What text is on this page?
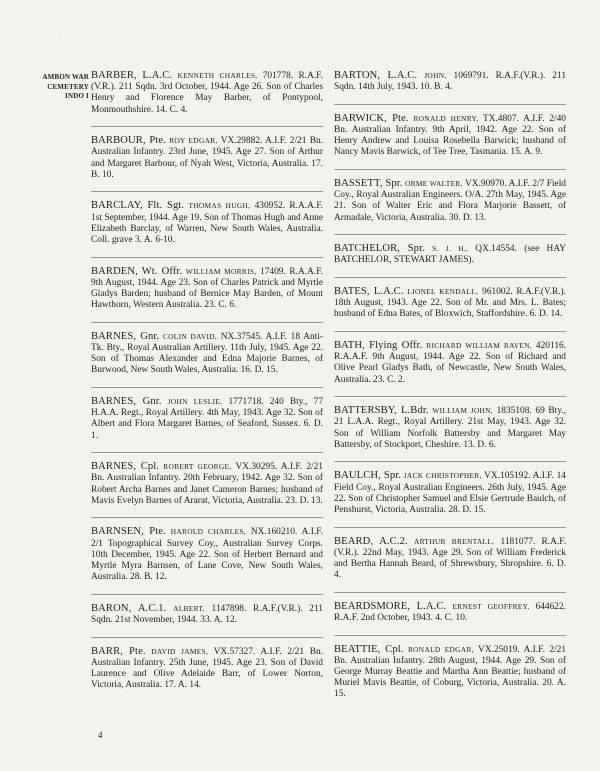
·
AMBON WAR
CEMETERY
INDO I
BARBER, L.A.C. KENNETH CHARLES, 701778. R.A.F.(V.R.). 211 Sqdn. 3rd October, 1944. Age 26. Son of Charles Henry and Florence May Barber, of Pontypool, Monmouthshire. 14. C. 4.
BARBOUR, Pte. ROY EDGAR, VX.29882. A.I.F. 2/21 Bn. Australian Infantry. 23rd June, 1945. Age 27. Son of Arthur and Margaret Barbour, of Nyah West, Victoria, Australia. 17. B. 10.
BARCLAY, Flt. Sgt. THOMAS HUGH, 430952. R.A.A.F. 1st September, 1944. Age 19. Son of Thomas Hugh and Anne Elizabeth Barclay, of Warren, New South Wales, Australia. Coll. grave 3. A. 6-10.
BARDEN, Wt. Offr. WILLIAM MORRIS, 17409. R.A.A.F. 9th August, 1944. Age 23. Son of Charles Patrick and Myrtle Gladys Barden; husband of Bernice May Barden, of Mount Hawthorn, Western Australia. 23. C. 6.
BARNES, Gnr. COLIN DAVID, NX.37545. A.I.F. 18 Anti-Tk. Bty., Royal Australian Artillery. 11th July, 1945. Age 22. Son of Thomas Alexander and Edna Majorie Barnes, of Burwood, New South Wales, Australia. 16. D. 15.
BARNES, Gnr. JOHN LESLIE, 1771718. 240 Bty., 77 H.A.A. Regt., Royal Artillery. 4th May, 1943. Age 32. Son of Albert and Flora Margaret Barnes, of Seaford, Sussex. 6. D. 1.
BARNES, Cpl. ROBERT GEORGE, VX.30295. A.I.F. 2/21 Bn. Australian Infantry. 20th February, 1942. Age 32. Son of Robert Archa Barnes and Janet Cameron Barnes; husband of Mavis Evelyn Barnes of Ararat, Victoria, Australia. 23. D. 13.
BARNSEN, Pte. HAROLD CHARLES, NX.160210. A.I.F. 2/1 Topographical Survey Coy., Australian Survey Corps. 10th December, 1945. Age 22. Son of Herbert Bernard and Myrtle Myra Barnsen, of Lane Cove, New South Wales, Australia. 28. B. 12.
BARON, A.C.1. ALBERT, 1147898. R.A.F.(V.R.). 211 Sqdn. 21st November, 1944. 33. A. 12.
BARR, Pte. DAVID JAMES, VX.57327. A.I.F. 2/21 Bn. Australian Infantry. 25th June, 1945. Age 23. Son of David Laurence and Olive Adelaide Barr, of Lower Norton, Victoria, Australia. 17. A. 14.
BARTON, L.A.C. JOHN, 1069791. R.A.F.(V.R.). 211 Sqdn. 14th July, 1943. 10. B. 4.
BARWICK, Pte. RONALD HENRY, TX.4807. A.I.F. 2/40 Bn. Australian Infantry. 9th April, 1942. Age 22. Son of Henry Andrew and Louisa Rosebella Barwick; husband of Nancy Mavis Barwick, of Tee Tree, Tasmania. 15. A. 9.
BASSETT, Spr. ORME WALTER, VX.90970. A.I.F. 2/7 Field Coy., Royal Australian Engineers. O/A. 27th May, 1945. Age 21. Son of Walter Eric and Flora Marjorie Bassett, of Armadale, Victoria, Australia. 30. D. 13.
BATCHELOR, Spr. S. J. H., QX.14554. (see HAY BATCHELOR, STEWART JAMES).
BATES, L.A.C. LIONEL KENDALL, 961002. R.A.F.(V.R.). 18th August, 1943. Age 22. Son of Mr. and Mrs. L. Bates; husband of Edna Bates, of Bloxwich, Staffordshire. 6. D. 14.
BATH, Flying Offr. RICHARD WILLIAM RAVEN, 420116. R.A.A.F. 9th August, 1944. Age 22. Son of Richard and Olive Pearl Gladys Bath, of Newcastle, New South Wales, Australia. 23. C. 2.
BATTERSBY, L.Bdr. WILLIAM JOHN, 1835108. 69 Bty., 21 L.A.A. Regt., Royal Artillery. 21st May, 1943. Age 32. Son of William Norfolk Battersby and Margaret May Battersby, of Stockport, Cheshire. 13. D. 6.
BAULCH, Spr. JACK CHRISTOPHER, VX.105192. A.I.F. 14 Field Coy., Royal Australian Engineers. 26th July, 1945. Age 22. Son of Christopher Samuel and Elsie Gertrude Baulch, of Penshurst, Victoria, Australia. 28. D. 15.
BEARD, A.C.2. ARTHUR BRENTALL, 1181077. R.A.F.(V.R.). 22nd May, 1943. Age 29. Son of William Frederick and Bertha Hannah Beard, of Shrewsbury, Shropshire. 6. D. 4.
BEARDSMORE, L.A.C. ERNEST GEOFFREY, 644622. R.A.F. 2nd October, 1943. 4. C. 10.
BEATTIE, Cpl. RONALD EDGAR, VX.25019. A.I.F. 2/21 Bn. Australian Infantry. 28th August, 1944. Age 29. Son of George Murray Beattie and Martha Ann Beattie; husband of Muriel Mavis Beattie, of Coburg, Victoria, Australia. 20. A. 15.
4
